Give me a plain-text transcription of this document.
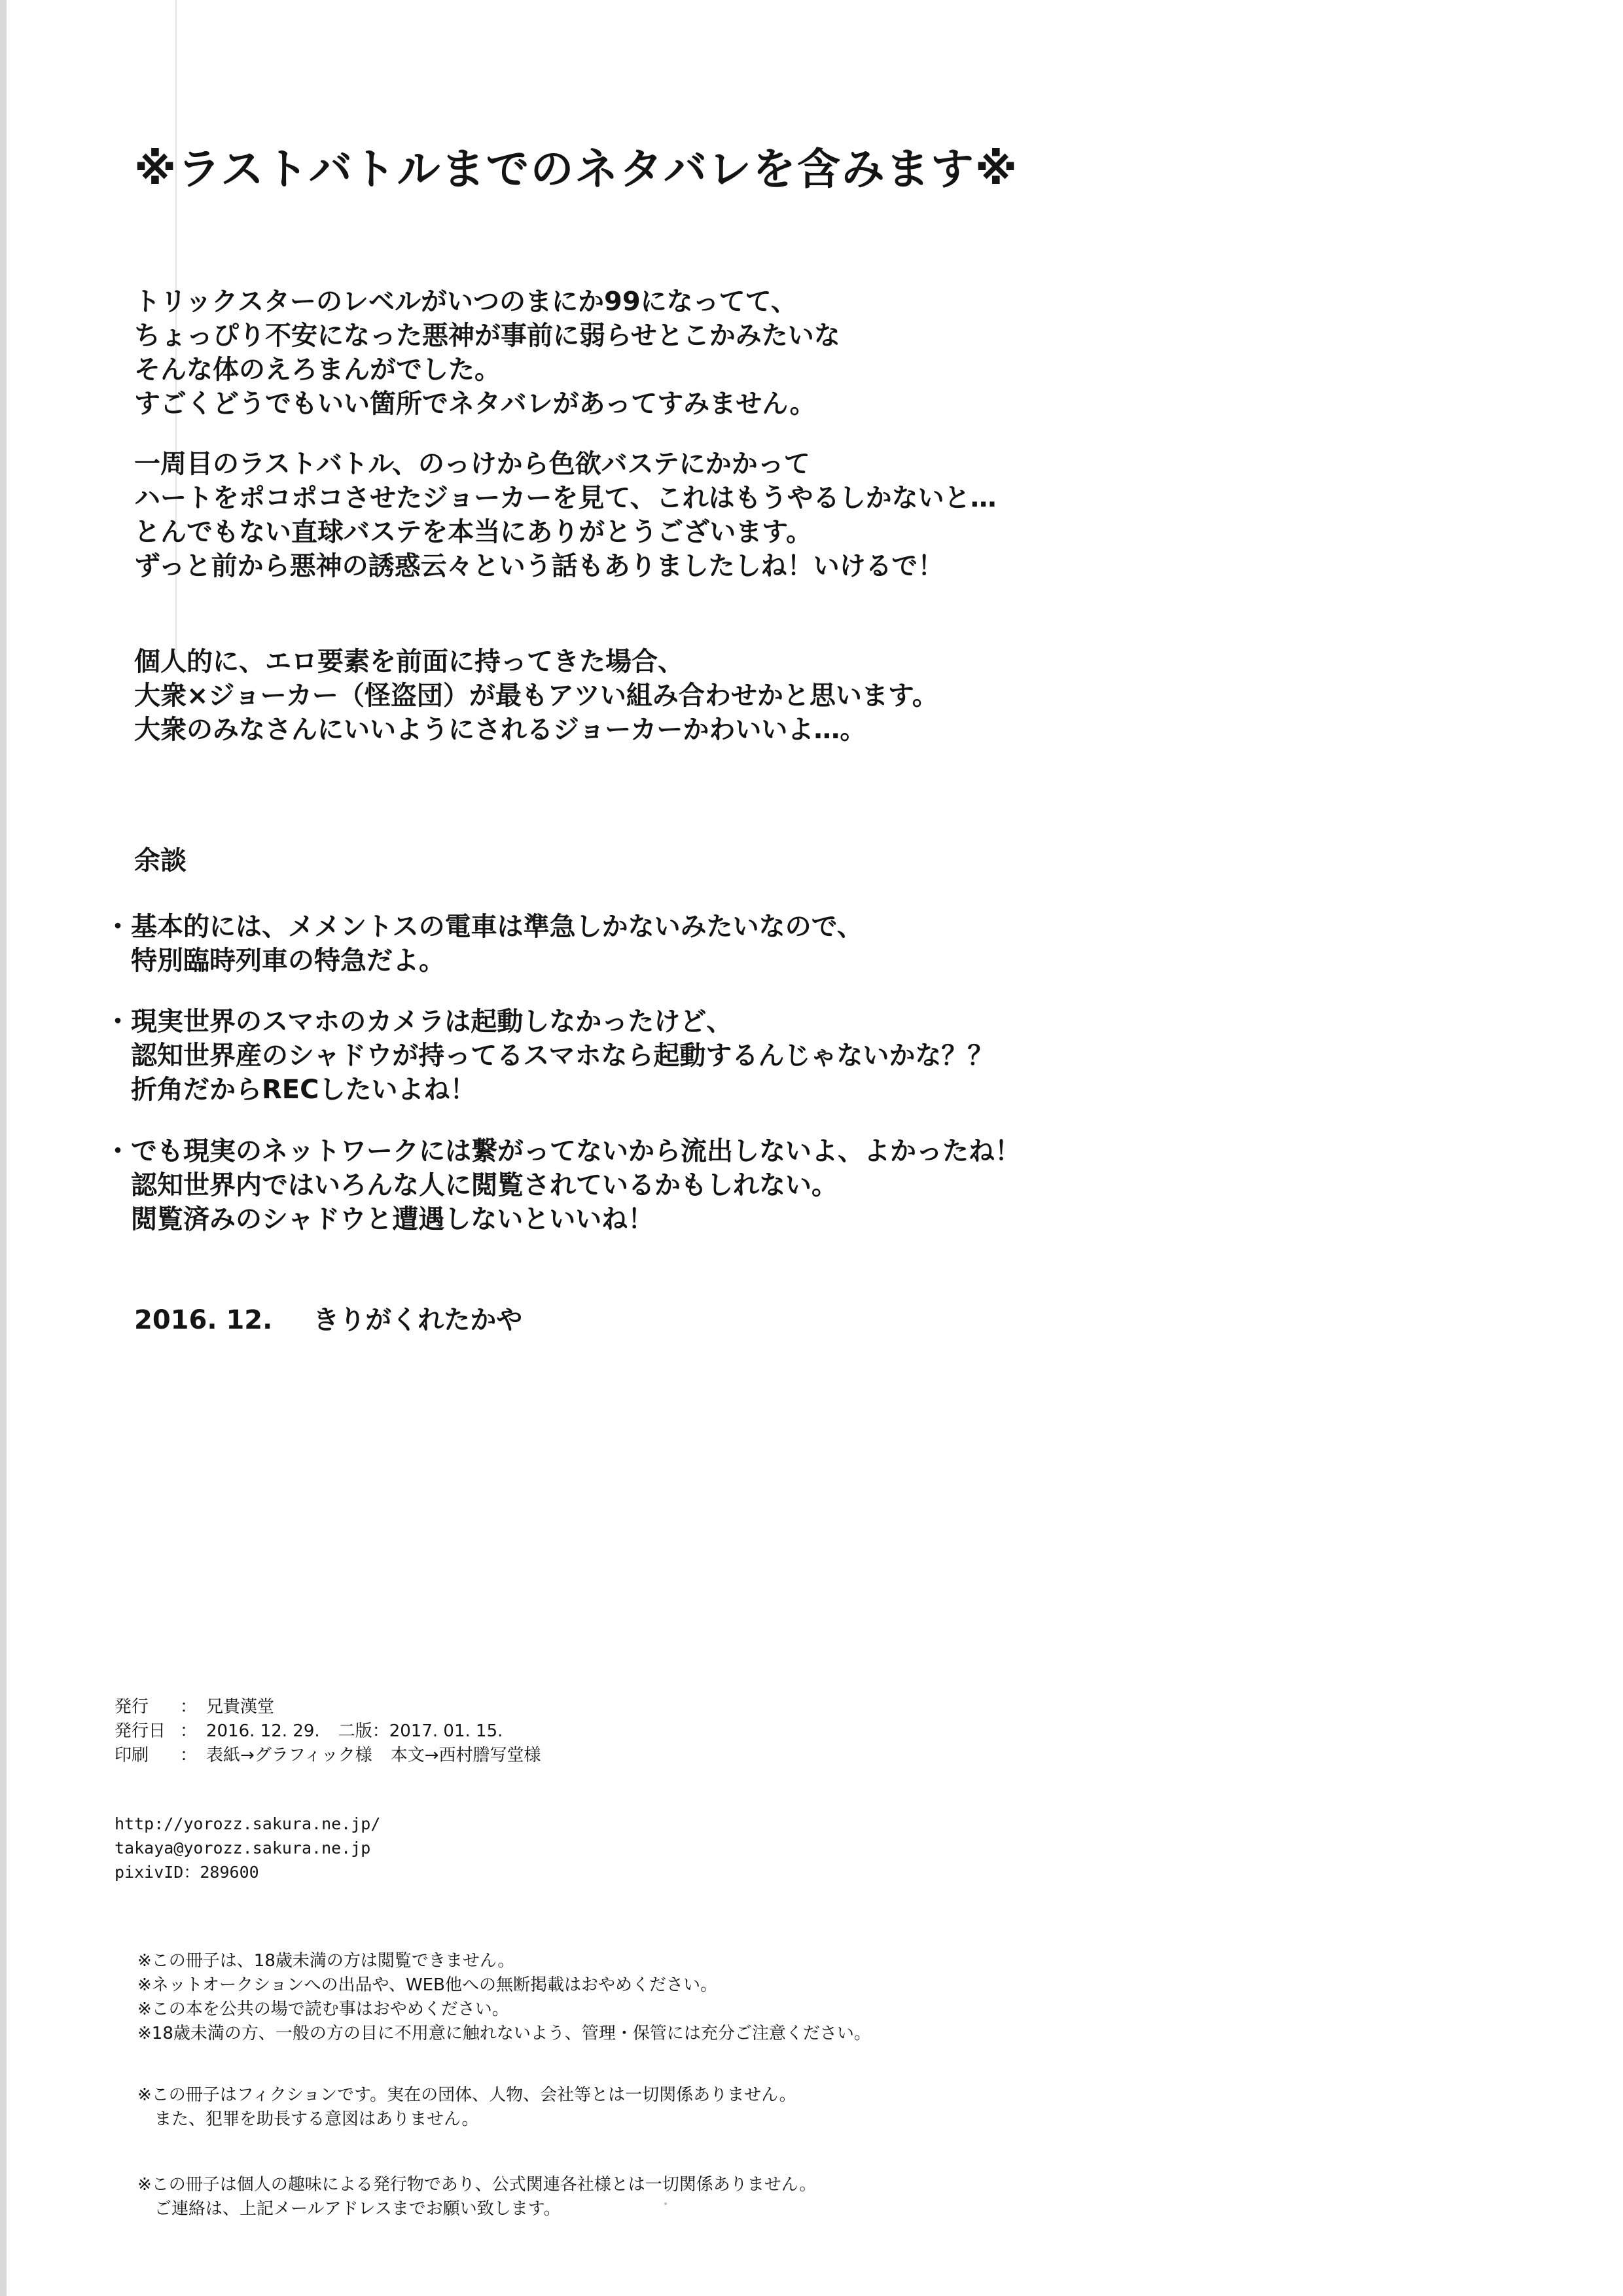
※ラストバトルまでのネタバレを含みます※
トリックスターのレベルがいつのまにか99になってて、
ちょっぴり不安になった悪神が事前に弱らせとこかみたいな
そんな体のえろまんがでした。
すごくどうでもいい箇所でネタバレがあってすみません。
一周目のラストバトル、のっけから色欲バステにかかって
ハートをポコポコさせたジョーカーを見て、これはもうやるしかないと…
とんでもない直球バステを本当にありがとうございます。
ずっと前から悪神の誘惑云々という話もありましたしね！いけるで！
個人的に、エロ要素を前面に持ってきた場合、
大衆×ジョーカー（怪盗団）が最もアツい組み合わせかと思います。
大衆のみなさんにいいようにされるジョーカーかわいいよ…。
余談
・基本的には、メメントスの電車は準急しかないみたいなので、
　特別臨時列車の特急だよ。
・現実世界のスマホのカメラは起動しなかったけど、
　認知世界産のシャドウが持ってるスマホなら起動するんじゃないかな？？
　折角だからRECしたいよね！
・でも現実のネットワークには繋がってないから流出しないよ、よかったね！
　認知世界内ではいろんな人に閲覧されているかもしれない。
　閲覧済みのシャドウと遭遇しないといいね！
2016. 12. きりがくれたかや
発行 ： 兄貴漢堂
発行日 ： 2016. 12. 29. 二版：2017. 01. 15.
印刷 ： 表紙→グラフィック様 本文→西村謄写堂様
http://yorozz.sakura.ne.jp/
takaya@yorozz.sakura.ne.jp
pixivID：289600
※この冊子は、18歳未満の方は閲覧できません。
※ネットオークションへの出品や、WEB他への無断掲載はおやめください。
※この本を公共の場で読む事はおやめください。
※18歳未満の方、一般の方の目に不用意に触れないよう、管理・保管には充分ご注意ください。
※この冊子はフィクションです。実在の団体、人物、会社等とは一切関係ありません。
　また、犯罪を助長する意図はありません。
※この冊子は個人の趣味による発行物であり、公式関連各社様とは一切関係ありません。
　ご連絡は、上記メールアドレスまでお願い致します。
